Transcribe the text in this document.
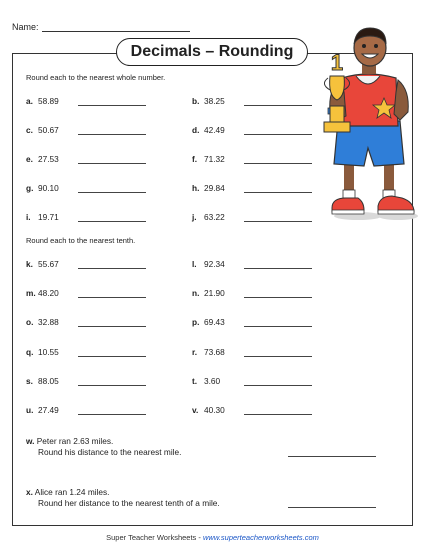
Name:
Decimals – Rounding	1
Round each to the nearest whole number.
Round each to the nearest tenth.
a. 58.89	b. 38.25
c. 50.67	d. 42.49
e. 27.53	f. 71.32
g. 90.10	h. 29.84
i. 19.71	j. 63.22
k. 55.67	l. 92.34
m. 48.20	n. 21.90
o. 32.88	p. 69.43
q. 10.55	r. 73.68
s. 88.05	t. 3.60
u. 27.49	v. 40.30
w. Peter ran 2.63 miles.
Round his distance to the nearest mile.
x. Alice ran 1.24 miles.
Round her distance to the nearest tenth of a mile.
Super Teacher Worksheets - www.superteacherworksheets.com
